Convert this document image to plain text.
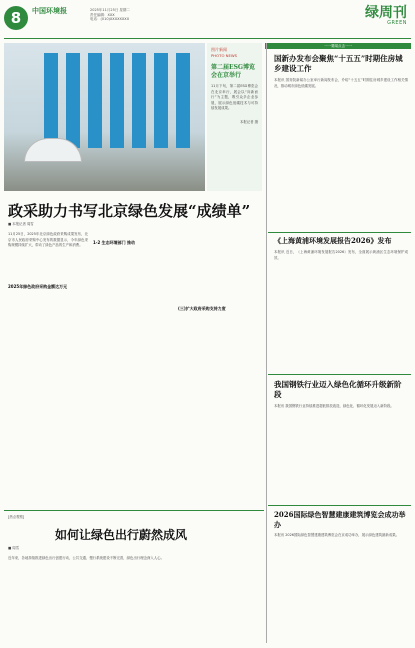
8	中国环境报	2025年11月25日 星期二
责任编辑：XXX
电话：(010)XXXXXXXX	绿周刊
GREEN
图片新闻
PHOTO NEWS
第二届ESG博览会在京举行
11月下旬，第二届ESG博览会在北京举行，展会以“向新而行”为主题，吸引众多企业参展，展示绿色低碳技术与可持续发展成果。
本报记者 摄
政采助力书写北京绿色发展“成绩单”
■ 本报记者 周雪
11月25日，2025年北京绿色政府采购成果发布，北京市人民政府采购中心发布的数据显示，今年绿色采购规模持续扩大，带动了绿色产品的生产和消费。
2025年绿色政府采购金额达万元
1-2 生态环境部门 推动
(三)扩大政府采购支持力度
一一要闻点击一一
国新办发布会聚焦“十五五”时期住房城乡建设工作
本报讯 国务院新闻办公室举行新闻发布会，介绍“十五五”时期住房城乡建设工作相关情况，推动城市绿色低碳发展。
《上海黄浦环境发展报告2026》发布
本报讯 近日，《上海黄浦环境发展报告2026》发布，全面展示黄浦区生态环境保护成效。
我国钢铁行业迈入绿色化循环升级新阶段
本报讯 我国钢铁行业持续推进超低排放改造，绿色化、循环化发展迈入新阶段。
2026国际绿色智慧建康建筑博览会成功举办
本报讯 2026国际绿色智慧建康建筑博览会在京成功举办，展示绿色建筑最新成果。
[热点观察]
如何让绿色出行蔚然成风
■ 周雪
近年来，各地持续推进绿色出行创建行动，公共交通、慢行系统建设不断完善，绿色出行理念深入人心。
